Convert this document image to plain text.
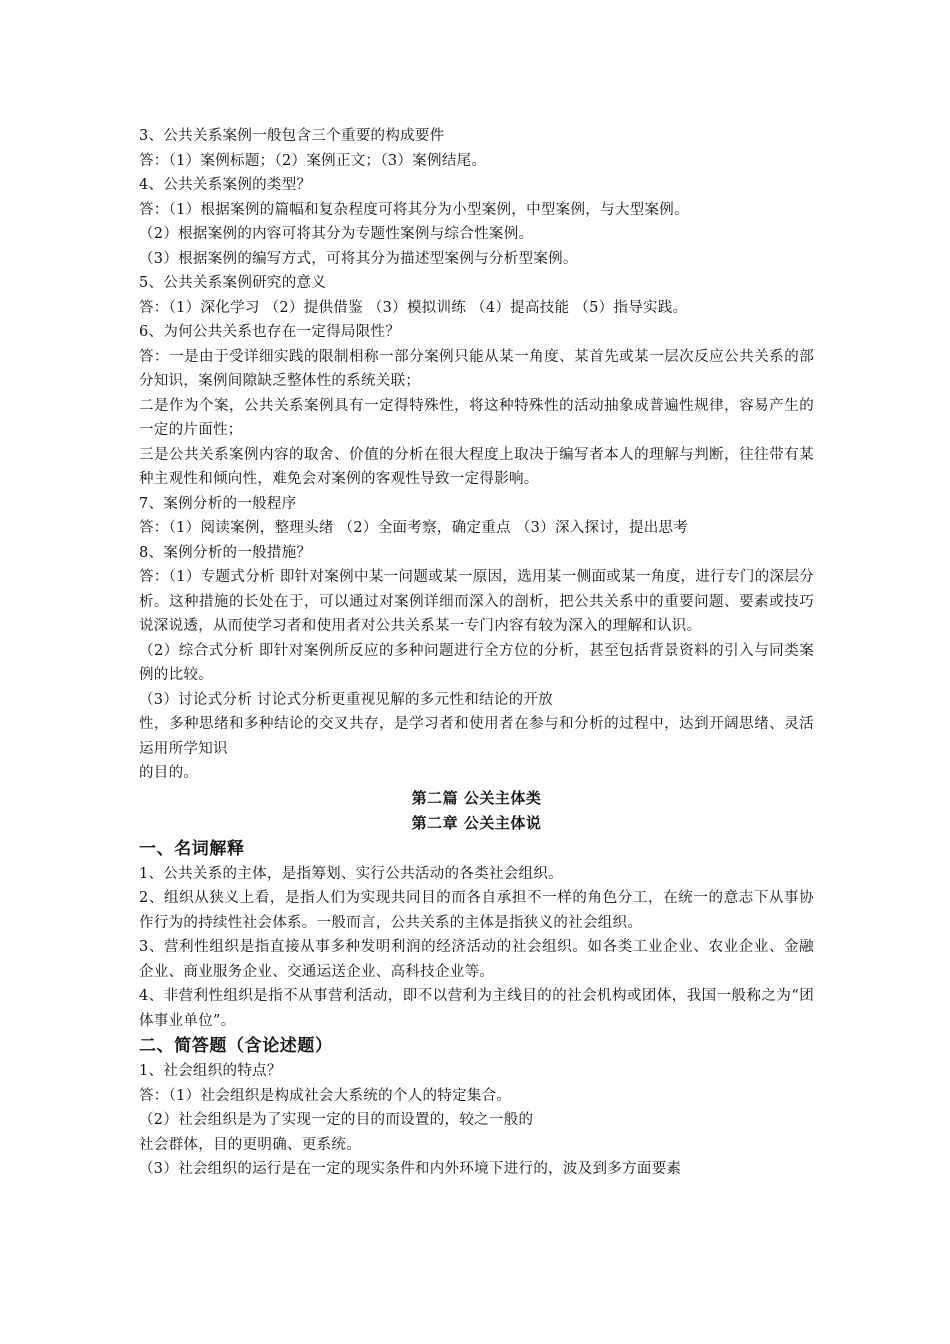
3、公共关系案例一般包含三个重要的构成要件
答：（1）案例标题；（2）案例正文；（3）案例结尾。
4、公共关系案例的类型？
答：（1）根据案例的篇幅和复杂程度可将其分为小型案例，中型案例，与大型案例。
（2）根据案例的内容可将其分为专题性案例与综合性案例。
（3）根据案例的编写方式，可将其分为描述型案例与分析型案例。
5、公共关系案例研究的意义
答：（1）深化学习 （2）提供借鉴 （3）模拟训练 （4）提高技能 （5）指导实践。
6、为何公共关系也存在一定得局限性？
答：一是由于受详细实践的限制相称一部分案例只能从某一角度、某首先或某一层次反应公共关系的部分知识，案例间隙缺乏整体性的系统关联；
二是作为个案，公共关系案例具有一定得特殊性，将这种特殊性的活动抽象成普遍性规律，容易产生的一定的片面性；
三是公共关系案例内容的取舍、价值的分析在很大程度上取决于编写者本人的理解与判断，往往带有某种主观性和倾向性，难免会对案例的客观性导致一定得影响。
7、案例分析的一般程序
答：（1）阅读案例，整理头绪 （2）全面考察，确定重点 （3）深入探讨，提出思考
8、案例分析的一般措施？
答：（1）专题式分析 即针对案例中某一问题或某一原因，选用某一侧面或某一角度，进行专门的深层分析。这种措施的长处在于，可以通过对案例详细而深入的剖析，把公共关系中的重要问题、要素或技巧说深说透，从而使学习者和使用者对公共关系某一专门内容有较为深入的理解和认识。
（2）综合式分析 即针对案例所反应的多种问题进行全方位的分析，甚至包括背景资料的引入与同类案例的比较。
（3）讨论式分析 讨论式分析更重视见解的多元性和结论的开放
性，多种思绪和多种结论的交叉共存，是学习者和使用者在参与和分析的过程中，达到开阔思绪、灵活运用所学知识
的目的。
第二篇 公关主体类
第二章 公关主体说
一、名词解释
1、公共关系的主体，是指筹划、实行公共活动的各类社会组织。
2、组织从狭义上看，是指人们为实现共同目的而各自承担不一样的角色分工，在统一的意志下从事协作行为的持续性社会体系。一般而言，公共关系的主体是指狭义的社会组织。
3、营利性组织是指直接从事多种发明利润的经济活动的社会组织。如各类工业企业、农业企业、金融企业、商业服务企业、交通运送企业、高科技企业等。
4、非营利性组织是指不从事营利活动，即不以营利为主线目的的社会机构或团体，我国一般称之为“团体事业单位”。
二、简答题（含论述题）
1、社会组织的特点？
答：（1）社会组织是构成社会大系统的个人的特定集合。
（2）社会组织是为了实现一定的目的而设置的，较之一般的
社会群体，目的更明确、更系统。
（3）社会组织的运行是在一定的现实条件和内外环境下进行的，波及到多方面要素
